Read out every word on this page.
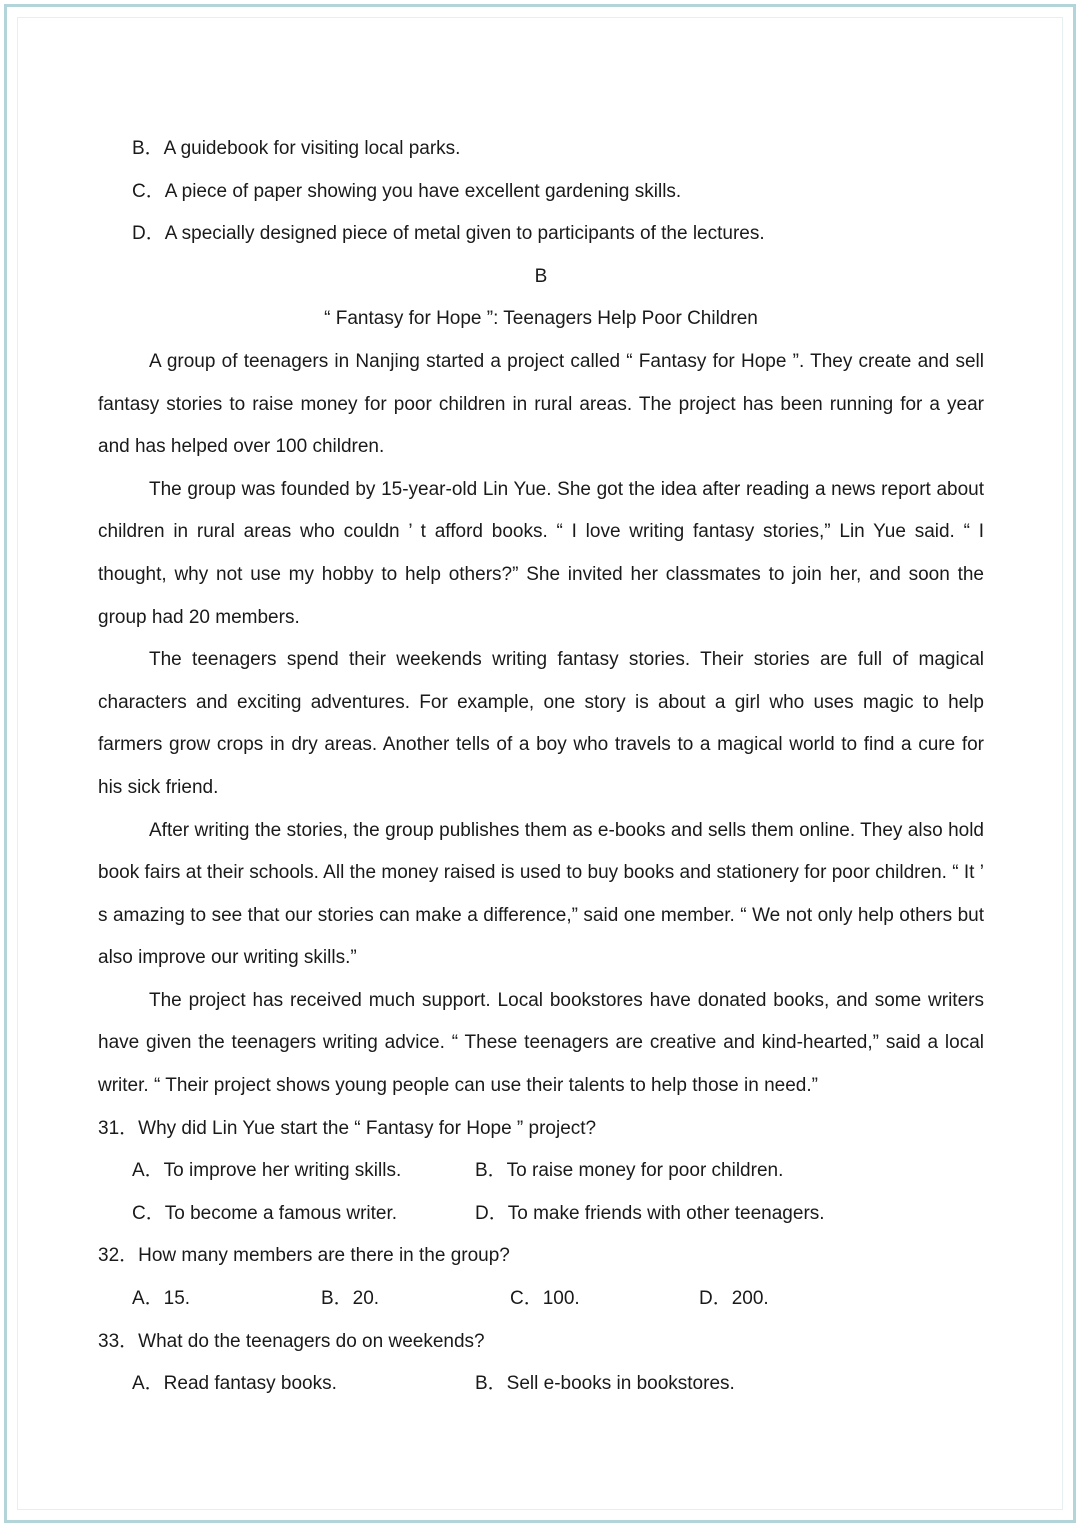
B．A guidebook for visiting local parks.
C．A piece of paper showing you have excellent gardening skills.
D．A specially designed piece of metal given to participants of the lectures.
B
“ Fantasy for Hope ”: Teenagers Help Poor Children
A group of teenagers in Nanjing started a project called “ Fantasy for Hope ”. They create and sell fantasy stories to raise money for poor children in rural areas. The project has been running for a year and has helped over 100 children.
The group was founded by 15-year-old Lin Yue. She got the idea after reading a news report about children in rural areas who couldn ’ t afford books. “ I love writing fantasy stories,” Lin Yue said. “ I thought, why not use my hobby to help others?” She invited her classmates to join her, and soon the group had 20 members.
The teenagers spend their weekends writing fantasy stories. Their stories are full of magical characters and exciting adventures. For example, one story is about a girl who uses magic to help farmers grow crops in dry areas. Another tells of a boy who travels to a magical world to find a cure for his sick friend.
After writing the stories, the group publishes them as e-books and sells them online. They also hold book fairs at their schools. All the money raised is used to buy books and stationery for poor children. “ It ’ s amazing to see that our stories can make a difference,” said one member. “ We not only help others but also improve our writing skills.”
The project has received much support. Local bookstores have donated books, and some writers have given the teenagers writing advice. “ These teenagers are creative and kind-hearted,” said a local writer. “ Their project shows young people can use their talents to help those in need.”
31．Why did Lin Yue start the “ Fantasy for Hope ” project?
A．To improve her writing skills.	B．To raise money for poor children.
C．To become a famous writer.	D．To make friends with other teenagers.
32．How many members are there in the group?
A．15.	B．20.	C．100.	D．200.
33．What do the teenagers do on weekends?
A．Read fantasy books.	B．Sell e-books in bookstores.
